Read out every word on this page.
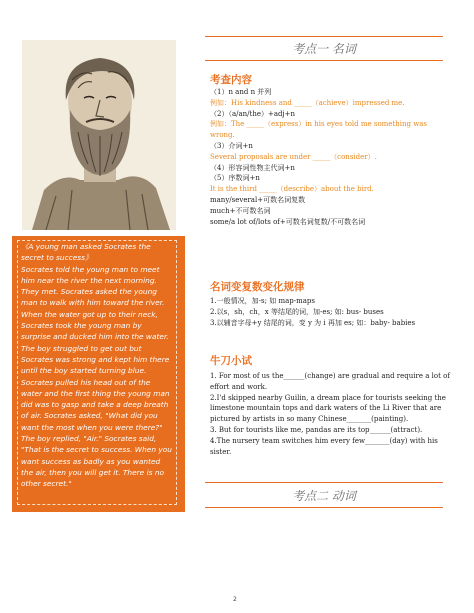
《A young man asked Socrates the secret to success》

Socrates told the young man to meet him near the river the next morning. They met. Socrates asked the young man to walk with him toward the river. When the water got up to their neck, Socrates took the young man by surprise and ducked him into the water. The boy struggled to get out but Socrates was strong and kept him there until the boy started turning blue. Socrates pulled his head out of the water and the first thing the young man did was to gasp and take a deep breath of air. Socrates asked, "What did you want the most when you were there?" The boy replied, "Air." Socrates said, "That is the secret to success. When you want success as badly as you wanted the air, then you will get it. There is no other secret."

考点一 名词
考查内容
（1）n and n 并列
例如：His kindness and _____（achieve）impressed me.
（2）（a/an/the）+adj+n
例如：The _____（express）in his eyes told me something was
wrong.
（3）介词+n
Several proposals are under _____（consider）.
（4）形容词性物主代词+n
（5）序数词+n
It is the third _____（describe）about the bird.
many/several+可数名词复数
much+不可数名词
some/a lot of/lots of+可数名词复数/不可数名词
名词变复数变化规律
1.一般情况，加-s; 如 map-maps
2.以s，sh，ch，x 等结尾的词，加-es; 如: bus- buses
3.以辅音字母+y 结尾的词，变 y 为 i 再加 es; 如：baby- babies
牛刀小试
1. For most of us the______(change) are gradual and require a lot of
effort and work.
2.I'd skipped nearby Guilin, a dream place for tourists seeking the
limestone mountain tops and dark waters of the Li River that are
pictured by artists in so many Chinese_______(painting).
3. But for tourists like me, pandas are its top______(attract).
4.The nursery team switches him every few_______(day) with his
sister.
考点二 动词
2
